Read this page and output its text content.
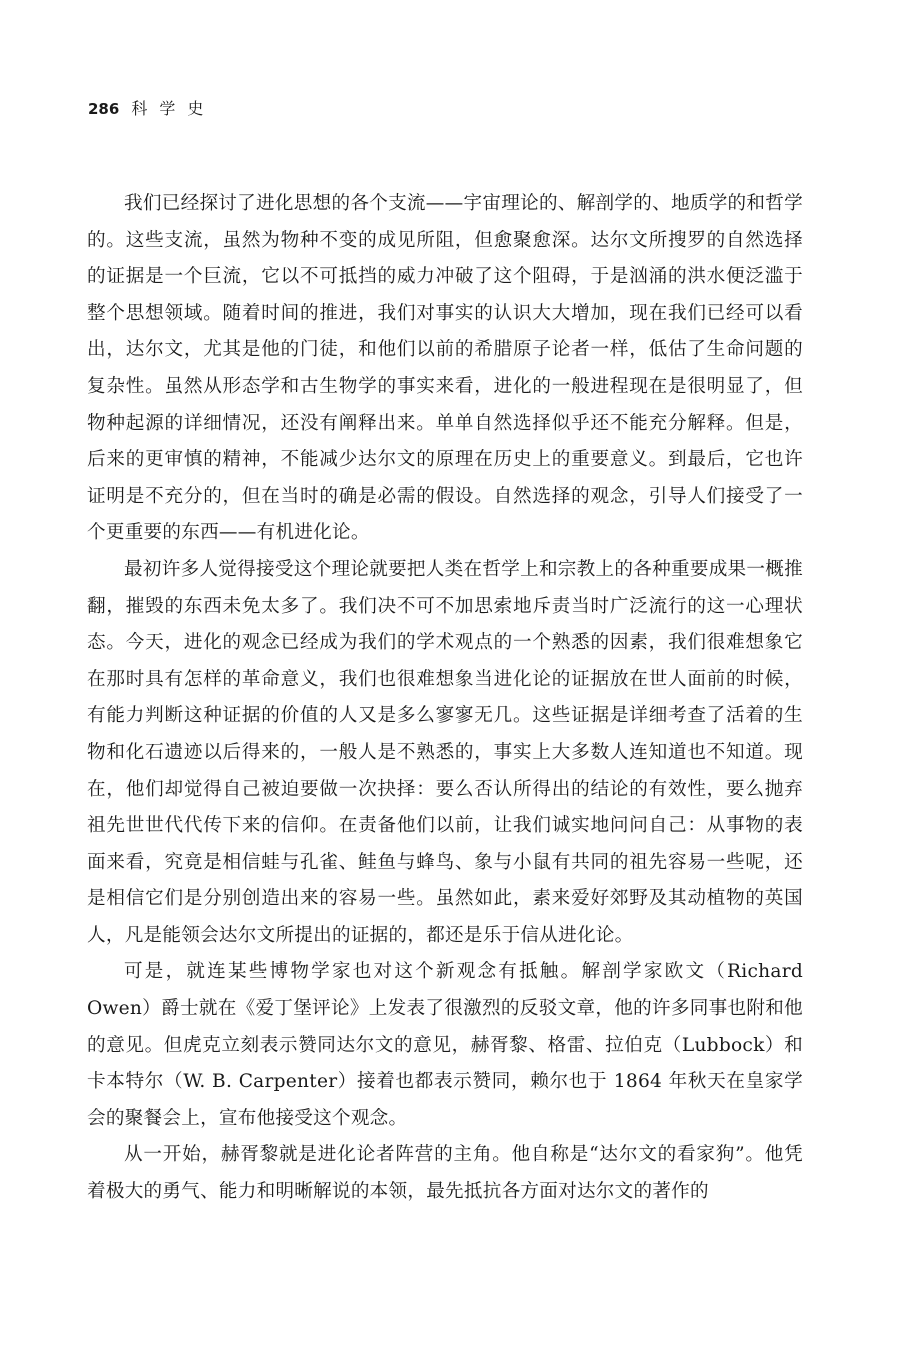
286 科学史

我们已经探讨了进化思想的各个支流——宇宙理论的、解剖学的、地质学的和哲学的。这些支流，虽然为物种不变的成见所阻，但愈聚愈深。达尔文所搜罗的自然选择的证据是一个巨流，它以不可抵挡的威力冲破了这个阻碍，于是汹涌的洪水便泛滥于整个思想领域。随着时间的推进，我们对事实的认识大大增加，现在我们已经可以看出，达尔文，尤其是他的门徒，和他们以前的希腊原子论者一样，低估了生命问题的复杂性。虽然从形态学和古生物学的事实来看，进化的一般进程现在是很明显了，但物种起源的详细情况，还没有阐释出来。单单自然选择似乎还不能充分解释。但是，后来的更审慎的精神，不能减少达尔文的原理在历史上的重要意义。到最后，它也许证明是不充分的，但在当时的确是必需的假设。自然选择的观念，引导人们接受了一个更重要的东西——有机进化论。

最初许多人觉得接受这个理论就要把人类在哲学上和宗教上的各种重要成果一概推翻，摧毁的东西未免太多了。我们决不可不加思索地斥责当时广泛流行的这一心理状态。今天，进化的观念已经成为我们的学术观点的一个熟悉的因素，我们很难想象它在那时具有怎样的革命意义，我们也很难想象当进化论的证据放在世人面前的时候，有能力判断这种证据的价值的人又是多么寥寥无几。这些证据是详细考查了活着的生物和化石遗迹以后得来的，一般人是不熟悉的，事实上大多数人连知道也不知道。现在，他们却觉得自己被迫要做一次抉择：要么否认所得出的结论的有效性，要么抛弃祖先世世代代传下来的信仰。在责备他们以前，让我们诚实地问问自己：从事物的表面来看，究竟是相信蛙与孔雀、鲑鱼与蜂鸟、象与小鼠有共同的祖先容易一些呢，还是相信它们是分别创造出来的容易一些。虽然如此，素来爱好郊野及其动植物的英国人，凡是能领会达尔文所提出的证据的，都还是乐于信从进化论。

可是，就连某些博物学家也对这个新观念有抵触。解剖学家欧文（Richard Owen）爵士就在《爱丁堡评论》上发表了很激烈的反驳文章，他的许多同事也附和他的意见。但虎克立刻表示赞同达尔文的意见，赫胥黎、格雷、拉伯克（Lubbock）和卡本特尔（W. B. Carpenter）接着也都表示赞同，赖尔也于 1864 年秋天在皇家学会的聚餐会上，宣布他接受这个观念。

从一开始，赫胥黎就是进化论者阵营的主角。他自称是“达尔文的看家狗”。他凭着极大的勇气、能力和明晰解说的本领，最先抵抗各方面对达尔文的著作的
